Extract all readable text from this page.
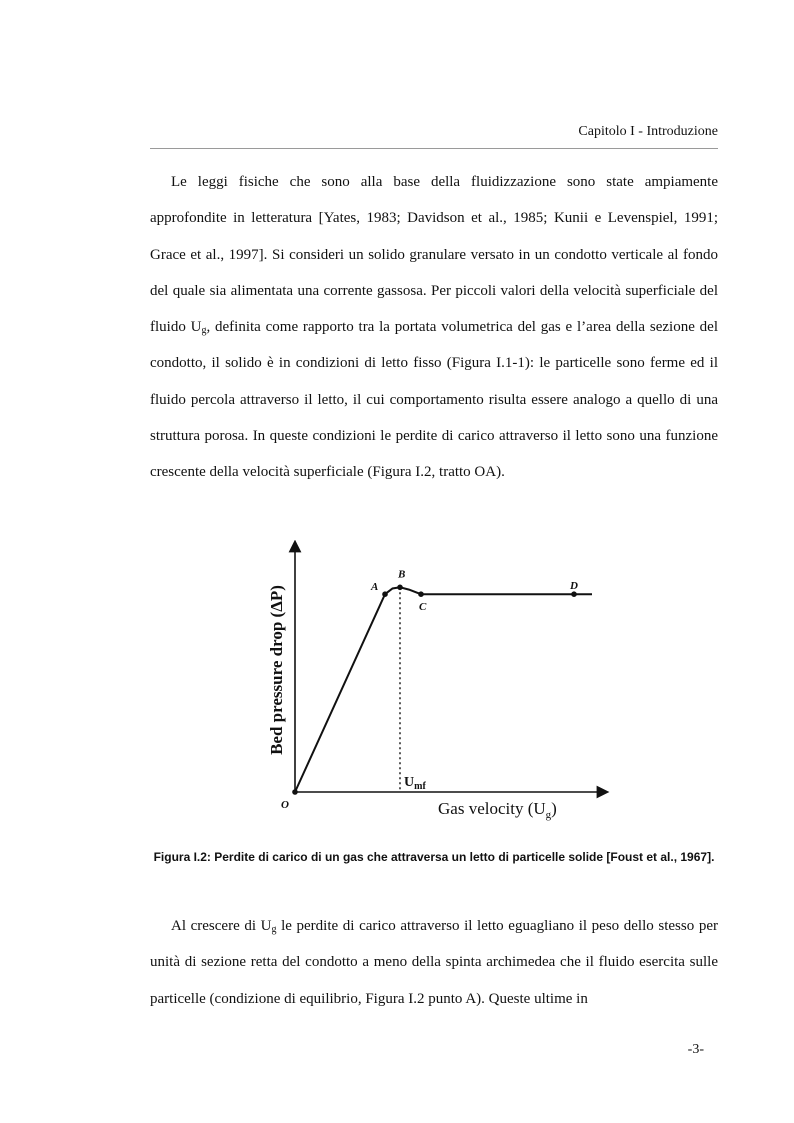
Capitolo I - Introduzione

Le leggi fisiche che sono alla base della fluidizzazione sono state ampiamente approfondite in letteratura [Yates, 1983; Davidson et al., 1985; Kunii e Levenspiel, 1991; Grace et al., 1997]. Si consideri un solido granulare versato in un condotto verticale al fondo del quale sia alimentata una corrente gassosa. Per piccoli valori della velocità superficiale del fluido $U_g$, definita come rapporto tra la portata volumetrica del gas e l’area della sezione del condotto, il solido è in condizioni di letto fisso (Figura I.1-1): le particelle sono ferme ed il fluido percola attraverso il letto, il cui comportamento risulta essere analogo a quello di una struttura porosa. In queste condizioni le perdite di carico attraverso il letto sono una funzione crescente della velocità superficiale (Figura I.2, tratto OA).

O
A
B
C
D
$U_{mf}$
Gas velocity $(U_g)$
Bed pressure drop (ΔP)
Figura I.2: Perdite di carico di un gas che attraversa un letto di particelle solide [Foust et al., 1967].

Al crescere di $U_g$ le perdite di carico attraverso il letto eguagliano il peso dello stesso per unità di sezione retta del condotto a meno della spinta archimedea che il fluido esercita sulle particelle (condizione di equilibrio, Figura I.2 punto A). Queste ultime in

-3-
